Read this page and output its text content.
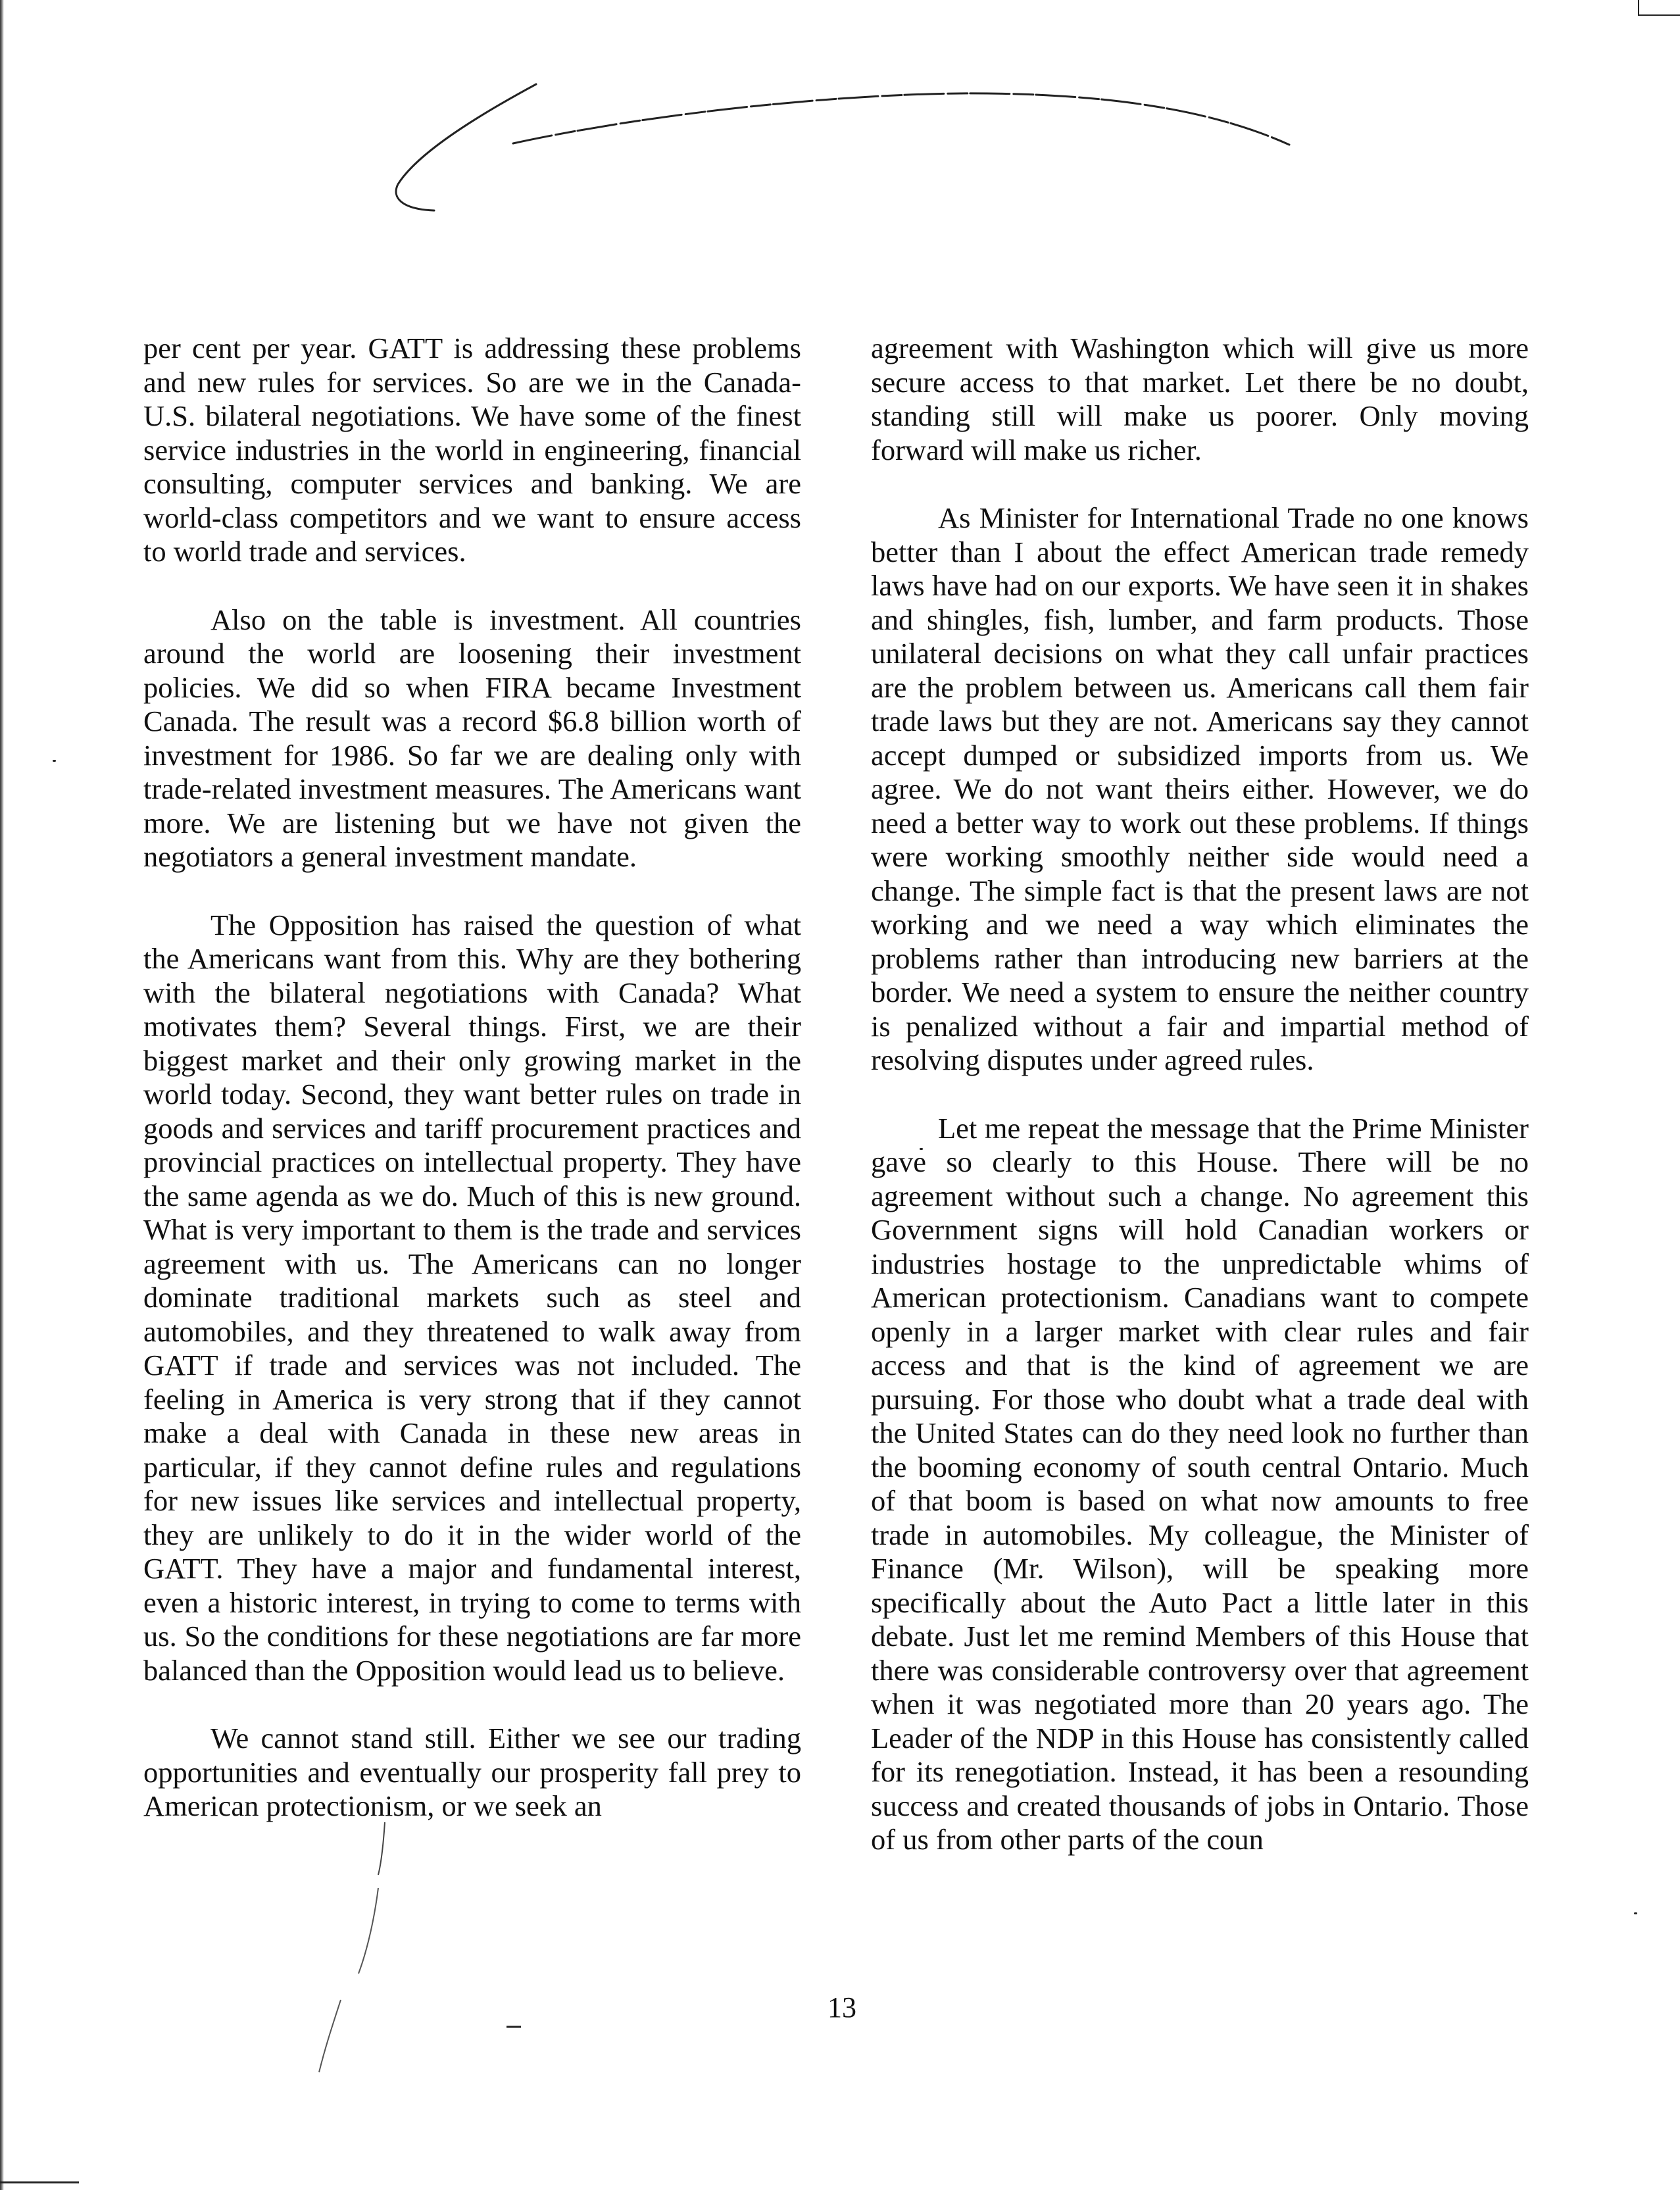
per cent per year. GATT is addressing these problems and new rules for services. So are we in the Canada-U.S. bilateral negotiations. We have some of the finest service industries in the world in engineering, financial consulting, computer services and banking. We are world-class competitors and we want to ensure access to world trade and services.

Also on the table is investment. All countries around the world are loosening their investment policies. We did so when FIRA became Investment Canada. The result was a record $6.8 billion worth of investment for 1986. So far we are dealing only with trade-related investment measures. The Americans want more. We are listening but we have not given the negotiators a general investment mandate.

The Opposition has raised the question of what the Americans want from this. Why are they bothering with the bilateral negotiations with Canada? What motivates them? Several things. First, we are their biggest market and their only growing market in the world today. Second, they want better rules on trade in goods and services and tariff procurement practices and provincial practices on intellectual property. They have the same agenda as we do. Much of this is new ground. What is very important to them is the trade and services agreement with us. The Americans can no longer dominate traditional markets such as steel and automobiles, and they threatened to walk away from GATT if trade and services was not included. The feeling in America is very strong that if they cannot make a deal with Canada in these new areas in particular, if they cannot define rules and regulations for new issues like services and intellectual property, they are unlikely to do it in the wider world of the GATT. They have a major and fundamental interest, even a historic interest, in trying to come to terms with us. So the conditions for these negotiations are far more balanced than the Opposition would lead us to believe.

We cannot stand still. Either we see our trading opportunities and eventually our prosperity fall prey to American protectionism, or we seek an

agreement with Washington which will give us more secure access to that market. Let there be no doubt, standing still will make us poorer. Only moving forward will make us richer.

As Minister for International Trade no one knows better than I about the effect American trade remedy laws have had on our exports. We have seen it in shakes and shingles, fish, lumber, and farm products. Those unilateral decisions on what they call unfair practices are the problem between us. Americans call them fair trade laws but they are not. Americans say they cannot accept dumped or subsidized imports from us. We agree. We do not want theirs either. However, we do need a better way to work out these problems. If things were working smoothly neither side would need a change. The simple fact is that the present laws are not working and we need a way which eliminates the problems rather than introducing new barriers at the border. We need a system to ensure the neither country is penalized without a fair and impartial method of resolving disputes under agreed rules.

Let me repeat the message that the Prime Minister gave so clearly to this House. There will be no agreement without such a change. No agreement this Government signs will hold Canadian workers or industries hostage to the unpredictable whims of American protectionism. Canadians want to compete openly in a larger market with clear rules and fair access and that is the kind of agreement we are pursuing. For those who doubt what a trade deal with the United States can do they need look no further than the booming economy of south central Ontario. Much of that boom is based on what now amounts to free trade in automobiles. My colleague, the Minister of Finance (Mr. Wilson), will be speaking more specifically about the Auto Pact a little later in this debate. Just let me remind Members of this House that there was considerable controversy over that agreement when it was negotiated more than 20 years ago. The Leader of the NDP in this House has consistently called for its renegotiation. Instead, it has been a resounding success and created thousands of jobs in Ontario. Those of us from other parts of the coun

13
